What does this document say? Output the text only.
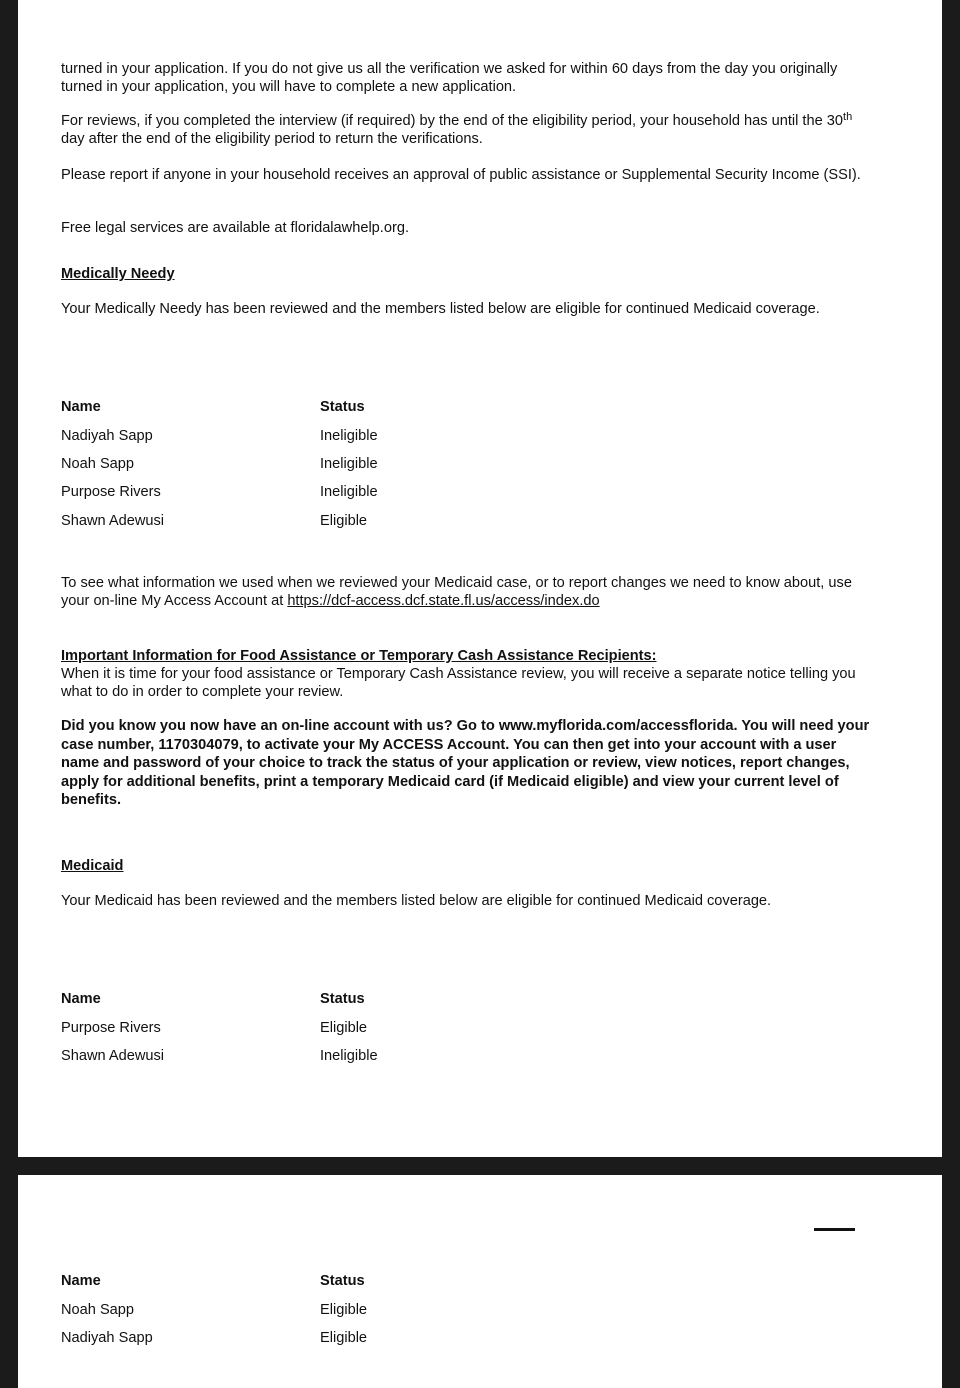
turned in your application. If you do not give us all the verification we asked for within 60 days from the day you originally turned in your application, you will have to complete a new application.

For reviews, if you completed the interview (if required) by the end of the eligibility period, your household has until the 30th day after the end of the eligibility period to return the verifications.

Please report if anyone in your household receives an approval of public assistance or Supplemental Security Income (SSI).

Free legal services are available at floridalawhelp.org.

Medically Needy

Your Medically Needy has been reviewed and the members listed below are eligible for continued Medicaid coverage.

Name	Status
Nadiyah Sapp	Ineligible
Noah Sapp	Ineligible
Purpose Rivers	Ineligible
Shawn Adewusi	Eligible

To see what information we used when we reviewed your Medicaid case, or to report changes we need to know about, use your on-line My Access Account at https://dcf-access.dcf.state.fl.us/access/index.do

Important Information for Food Assistance or Temporary Cash Assistance Recipients:

When it is time for your food assistance or Temporary Cash Assistance review, you will receive a separate notice telling you what to do in order to complete your review.

Did you know you now have an on-line account with us? Go to www.myflorida.com/accessflorida. You will need your case number, 1170304079, to activate your My ACCESS Account. You can then get into your account with a user name and password of your choice to track the status of your application or review, view notices, report changes, apply for additional benefits, print a temporary Medicaid card (if Medicaid eligible) and view your current level of benefits.

Medicaid

Your Medicaid has been reviewed and the members listed below are eligible for continued Medicaid coverage.

Name	Status
Purpose Rivers	Eligible
Shawn Adewusi	Ineligible
Name	Status
Noah Sapp	Eligible
Nadiyah Sapp	Eligible
